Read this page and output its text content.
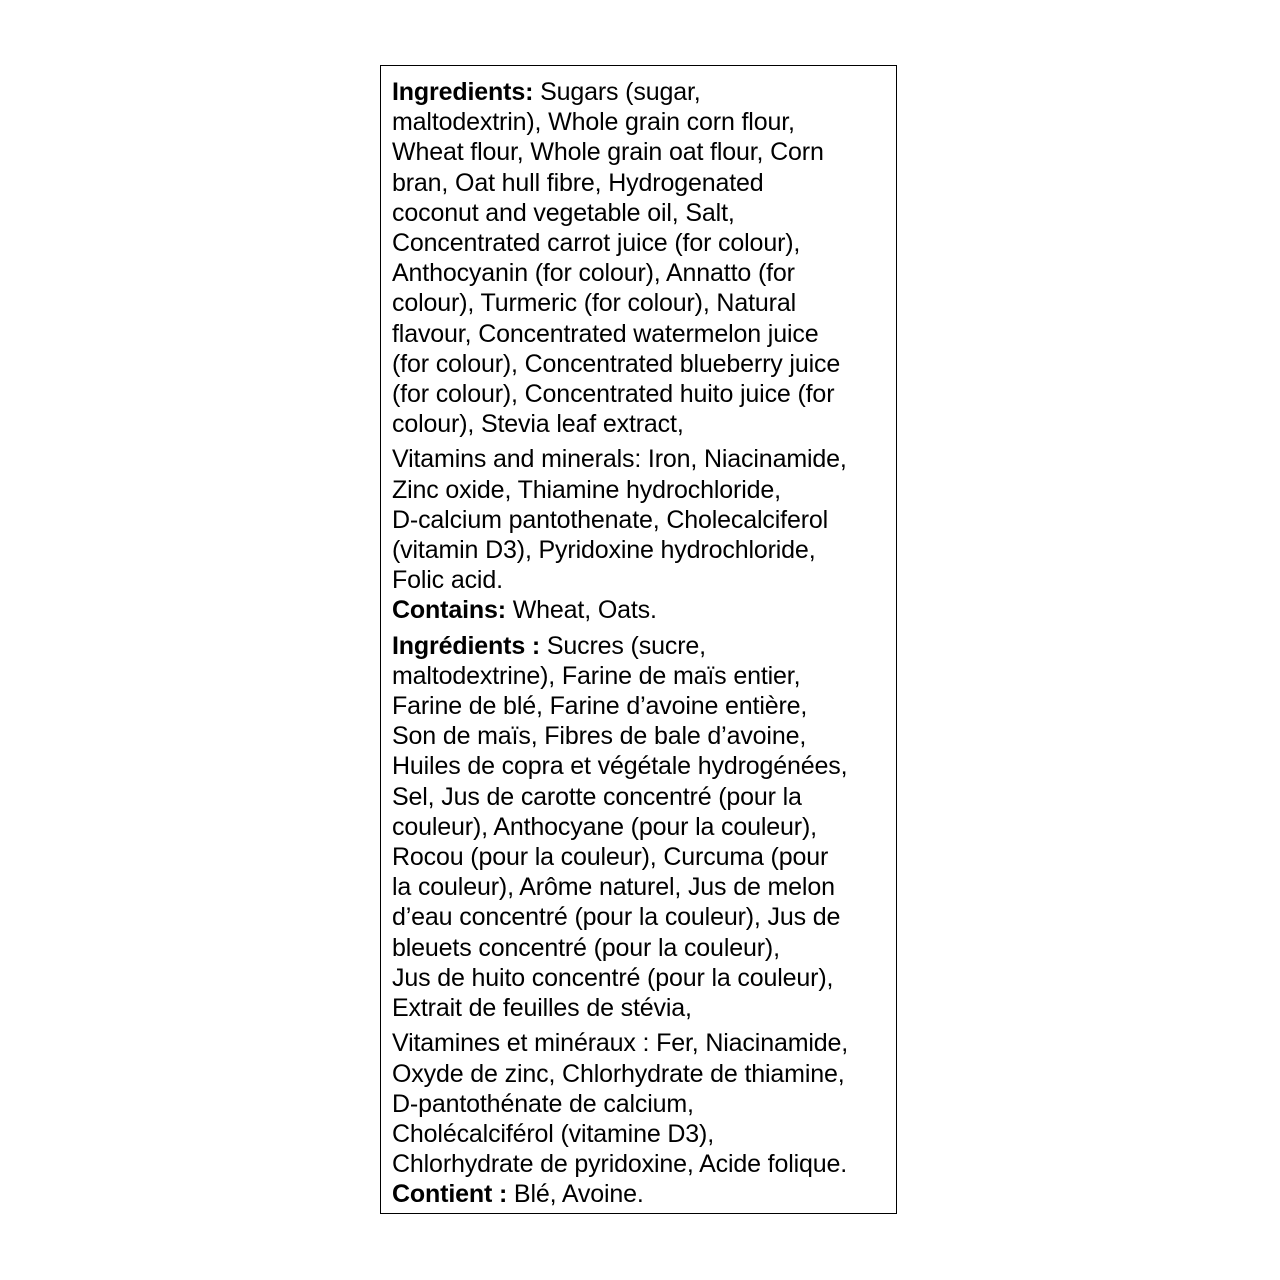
Ingredients: Sugars (sugar,
maltodextrin), Whole grain corn flour,
Wheat flour, Whole grain oat flour, Corn
bran, Oat hull fibre, Hydrogenated
coconut and vegetable oil, Salt,
Concentrated carrot juice (for colour),
Anthocyanin (for colour), Annatto (for
colour), Turmeric (for colour), Natural
flavour, Concentrated watermelon juice
(for colour), Concentrated blueberry juice
(for colour), Concentrated huito juice (for
colour), Stevia leaf extract,

Vitamins and minerals: Iron, Niacinamide,
Zinc oxide, Thiamine hydrochloride,
D-calcium pantothenate, Cholecalciferol
(vitamin D3), Pyridoxine hydrochloride,
Folic acid.

Contains: Wheat, Oats.

Ingrédients : Sucres (sucre,
maltodextrine), Farine de maïs entier,
Farine de blé, Farine d’avoine entière,
Son de maïs, Fibres de bale d’avoine,
Huiles de copra et végétale hydrogénées,
Sel, Jus de carotte concentré (pour la
couleur), Anthocyane (pour la couleur),
Rocou (pour la couleur), Curcuma (pour
la couleur), Arôme naturel, Jus de melon
d’eau concentré (pour la couleur), Jus de
bleuets concentré (pour la couleur),
Jus de huito concentré (pour la couleur),
Extrait de feuilles de stévia,

Vitamines et minéraux : Fer, Niacinamide,
Oxyde de zinc, Chlorhydrate de thiamine,
D-pantothénate de calcium,
Cholécalciférol (vitamine D3),
Chlorhydrate de pyridoxine, Acide folique.

Contient : Blé, Avoine.
